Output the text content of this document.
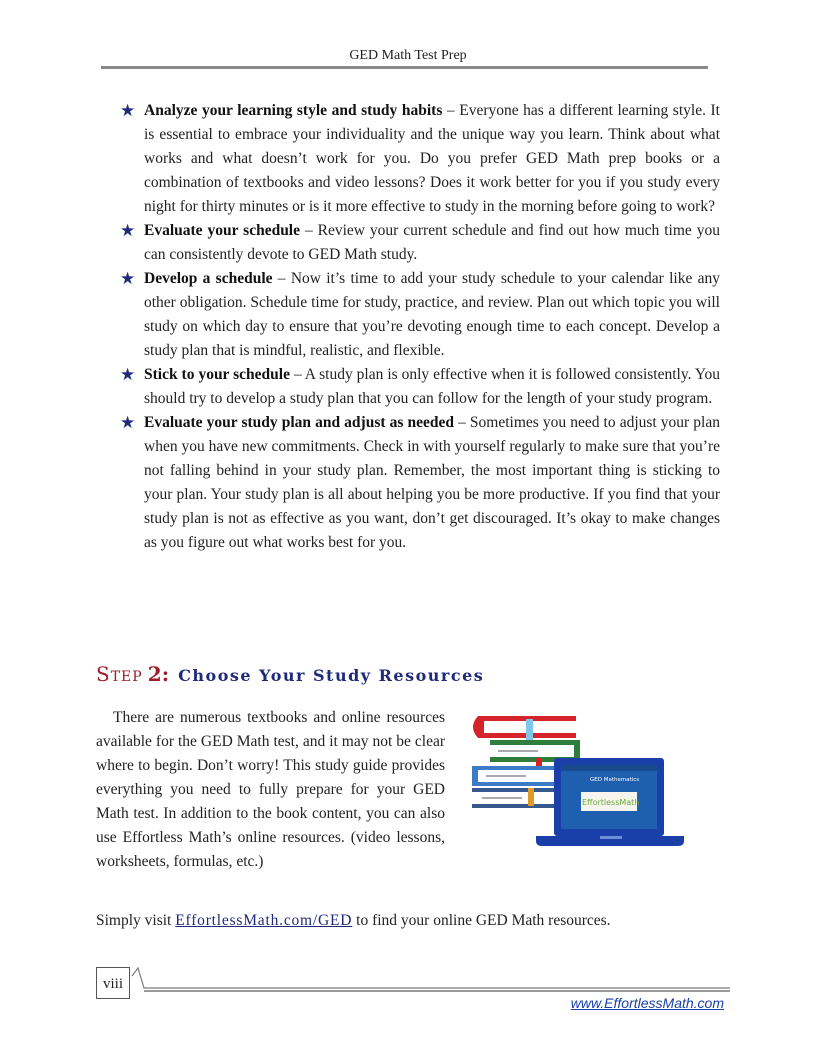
GED Math Test Prep
★ Analyze your learning style and study habits – Everyone has a different learning style. It is essential to embrace your individuality and the unique way you learn. Think about what works and what doesn’t work for you. Do you prefer GED Math prep books or a combination of textbooks and video lessons? Does it work better for you if you study every night for thirty minutes or is it more effective to study in the morning before going to work?
★ Evaluate your schedule – Review your current schedule and find out how much time you can consistently devote to GED Math study.
★ Develop a schedule – Now it’s time to add your study schedule to your calendar like any other obligation. Schedule time for study, practice, and review. Plan out which topic you will study on which day to ensure that you’re devoting enough time to each concept. Develop a study plan that is mindful, realistic, and flexible.
★ Stick to your schedule – A study plan is only effective when it is followed consistently. You should try to develop a study plan that you can follow for the length of your study program.
★ Evaluate your study plan and adjust as needed – Sometimes you need to adjust your plan when you have new commitments. Check in with yourself regularly to make sure that you’re not falling behind in your study plan. Remember, the most important thing is sticking to your plan. Your study plan is all about helping you be more productive. If you find that your study plan is not as effective as you want, don’t get discouraged. It’s okay to make changes as you figure out what works best for you.
Step 2: Choose Your Study Resources

There are numerous textbooks and online resources available for the GED Math test, and it may not be clear where to begin. Don’t worry! This study guide provides everything you need to fully prepare for your GED Math test. In addition to the book content, you can also use Effortless Math’s online resources. (video lessons, worksheets, formulas, etc.)

GED Mathematics
EffortlessMath

Simply visit EffortlessMath.com/GED to find your online GED Math resources.

viii
www.EffortlessMath.com
